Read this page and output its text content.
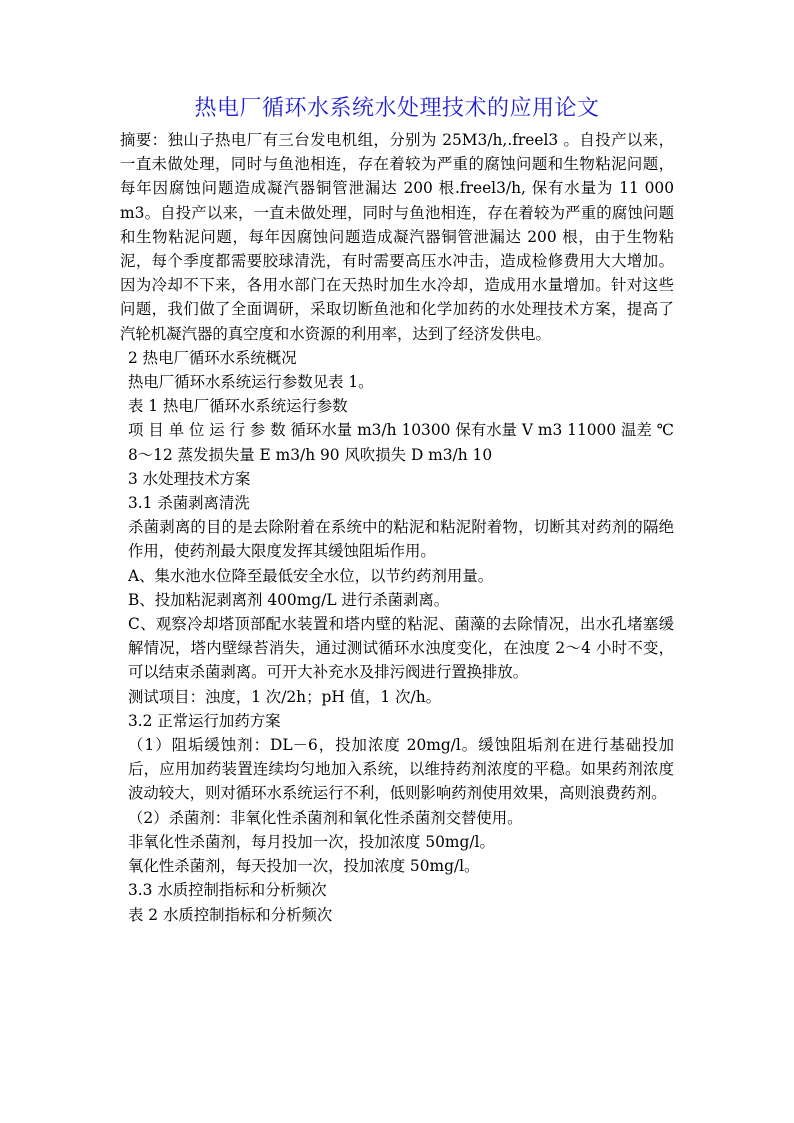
热电厂循环水系统水处理技术的应用论文

摘要：独山子热电厂有三台发电机组，分别为 25M3/h,.freel3 。自投产以来，一直未做处理，同时与鱼池相连，存在着较为严重的腐蚀问题和生物粘泥问题，每年因腐蚀问题造成凝汽器铜管泄漏达 200 根.freel3/h, 保有水量为 11 000 m3。自投产以来，一直未做处理，同时与鱼池相连，存在着较为严重的腐蚀问题和生物粘泥问题，每年因腐蚀问题造成凝汽器铜管泄漏达 200 根，由于生物粘泥，每个季度都需要胶球清洗，有时需要高压水冲击，造成检修费用大大增加。因为冷却不下来，各用水部门在天热时加生水冷却，造成用水量增加。针对这些问题，我们做了全面调研，采取切断鱼池和化学加药的水处理技术方案，提高了汽轮机凝汽器的真空度和水资源的利用率，达到了经济发供电。

2 热电厂循环水系统概况

热电厂循环水系统运行参数见表 1。

表 1 热电厂循环水系统运行参数

项 目 单 位 运 行 参 数 循环水量 m3/h 10300 保有水量 V m3 11000 温差 ℃ 8～12 蒸发损失量 E m3/h 90 风吹损失 D m3/h 10

3 水处理技术方案

3.1 杀菌剥离清洗

杀菌剥离的目的是去除附着在系统中的粘泥和粘泥附着物，切断其对药剂的隔绝作用，使药剂最大限度发挥其缓蚀阻垢作用。

A、集水池水位降至最低安全水位，以节约药剂用量。

B、投加粘泥剥离剂 400mg/L 进行杀菌剥离。

C、观察冷却塔顶部配水装置和塔内壁的粘泥、菌藻的去除情况，出水孔堵塞缓解情况，塔内壁绿苔消失，通过测试循环水浊度变化，在浊度 2～4 小时不变，可以结束杀菌剥离。可开大补充水及排污阀进行置换排放。

测试项目：浊度，1 次/2h；pH 值，1 次/h。

3.2 正常运行加药方案

（1）阻垢缓蚀剂：DL－6，投加浓度 20mg/l。缓蚀阻垢剂在进行基础投加后，应用加药装置连续均匀地加入系统，以维持药剂浓度的平稳。如果药剂浓度波动较大，则对循环水系统运行不利，低则影响药剂使用效果，高则浪费药剂。

（2）杀菌剂：非氧化性杀菌剂和氧化性杀菌剂交替使用。

非氧化性杀菌剂，每月投加一次，投加浓度 50mg/l。

氧化性杀菌剂，每天投加一次，投加浓度 50mg/l。

3.3 水质控制指标和分析频次

表 2 水质控制指标和分析频次
